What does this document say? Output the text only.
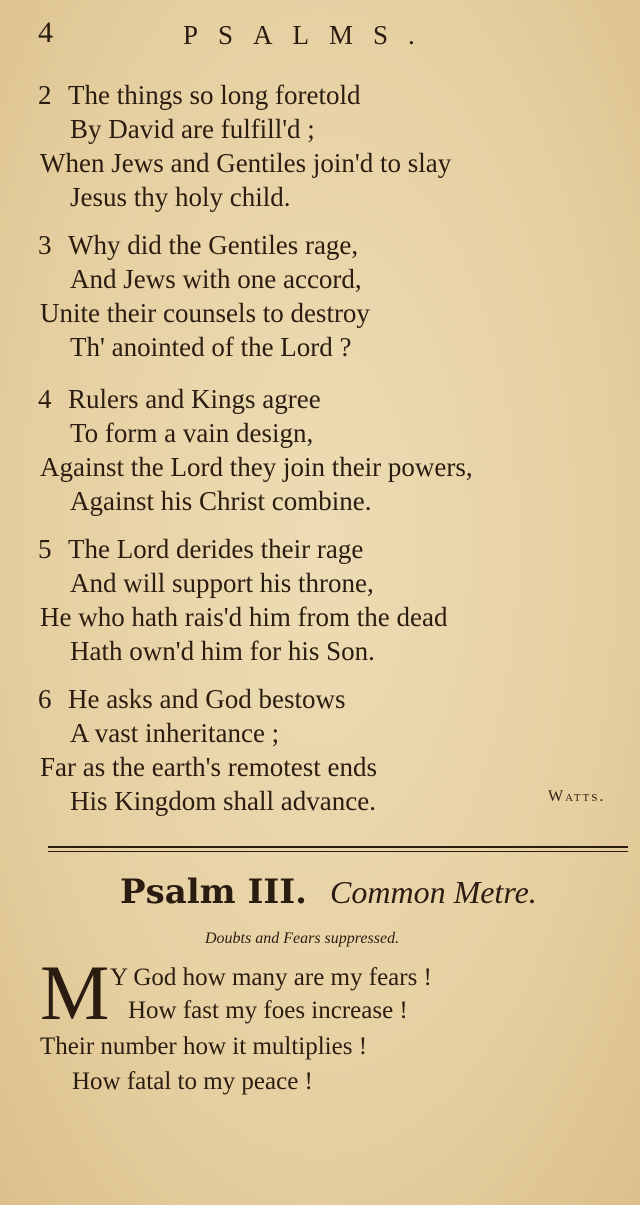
4	PSALMS.
2 The things so long foretold
By David are fulfill'd ;
When Jews and Gentiles join'd to slay
Jesus thy holy child.
3 Why did the Gentiles rage,
And Jews with one accord,
Unite their counsels to destroy
Th' anointed of the Lord ?
4 Rulers and Kings agree
To form a vain design,
Against the Lord they join their powers,
Against his Christ combine.
5 The Lord derides their rage
And will support his throne,
He who hath rais'd him from the dead
Hath own'd him for his Son.
6 He asks and God bestows
A vast inheritance ;
Far as the earth's remotest ends
His Kingdom shall advance.	Watts.
Psalm III. Common Metre.
Doubts and Fears suppressed.
M Y God how many are my fears !
How fast my foes increase !
Their number how it multiplies !
How fatal to my peace !
